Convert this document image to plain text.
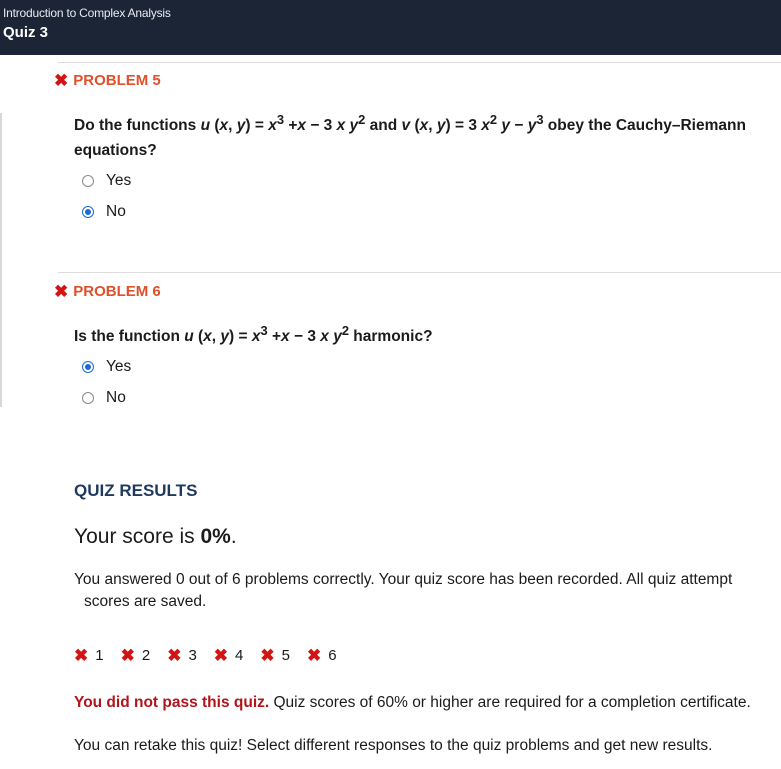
Introduction to Complex Analysis
Quiz 3
✖ PROBLEM 5
Do the functions u (x, $y) = x^3 +x - 3$ x $y^2$ and v (x, y) = 3 $x^2$ $y - y^3$ obey the Cauchy–Riemann equations?
Yes
No
✖ PROBLEM 6
Is the function u (x, $y) = x^3 +x - 3$ x $y^2$ harmonic?
Yes
No
QUIZ RESULTS
Your score is 0%.
You answered 0 out of 6 problems correctly. Your quiz score has been recorded. All quiz attempt
scores are saved.
✖ 1 ✖ 2 ✖ 3 ✖ 4 ✖ 5 ✖ 6
You did not pass this quiz. Quiz scores of 60% or higher are required for a completion certificate.
You can retake this quiz! Select different responses to the quiz problems and get new results.
